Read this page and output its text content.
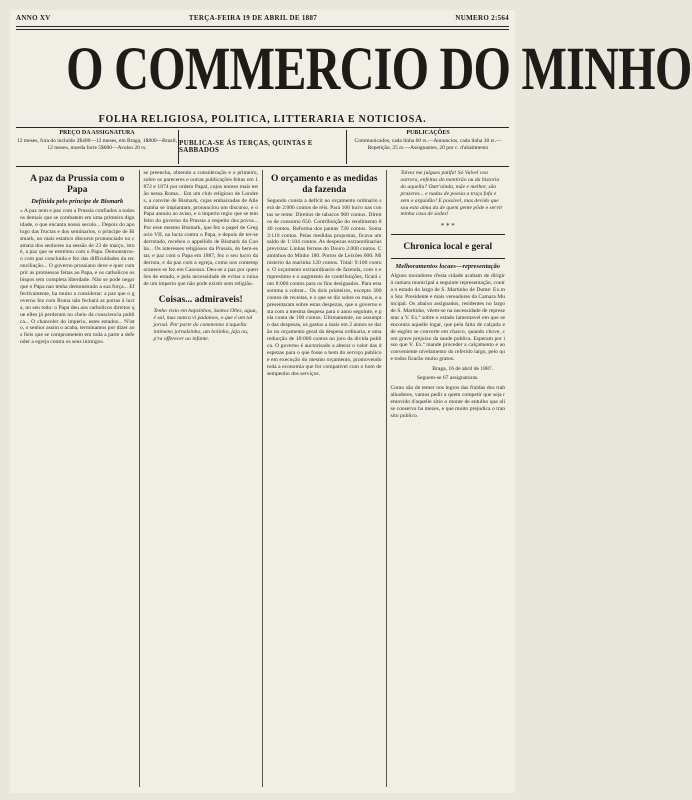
ANNO XV	TERÇA-FEIRA 19 DE ABRIL DE 1887	NUMERO 2:564
O COMMERCIO DO MINHO
FOLHA RELIGIOSA, POLITICA, LITTERARIA E NOTICIOSA.
PREÇO DA ASSIGNATURA
12 meses, fora do incluido 2$400—12 meses, em Braga, 1$800—Brazil, 12 meses, moeda forte 5$600—Avulso 20 rs.
PUBLICA-SE ÁS TERÇAS, QUINTAS E SABBADOS
PUBLICAÇÕES
Communicados, cada linha 60 rs.—Annuncios, cada linha 30 rs.—Repetição, 25 rs.—Assignantes, 20 por c. d'abatimento
A paz da Prussia com o Papa
Definida pelo principe de Bismark
« A paz nem e paz com a Prussia confiados a todos os demais que se combatem em uma primeira dignidade, o que encanta nosso seculo... Depois do apologo das fructas e dos seminarios, o principe de Bismark, no mais estatico discurso pronunciado no camara dos senhores na sessão de 23 de março, isto é, a paz que se estreitou com o Papa. Demonstrou-o com paz concluida e fez das difficuldades da reconciliação... O governo prussiano deve e quer cumprir as promessas feitas ao Papa, e os catholicos os bispos tem completa liberdade. Não se pode negar que o Papa nao tenha demonstrado a sua força... Effectivamente, ha muito a considerar: a paz que o governo fez com Roma não fechará as portas à lucta, no seu todo: o Papa deu aos catholicos direitos que elles já perderam no cheio da consciencia publica... O chanceler do imperio, estes estados... N'isto, o senhor assim o acaba, terminamos por dizer aos fieis que se comprometem em toda a parte a defender a egreja contra os seus inimigos.
se preencha, obtendo a consideração e o primeiro, sobre os pareceres e outras publicações feitas em 1872 e 1874 por ordem Papal, cujos nomes mais estão nessa Roma... Em um club religioso de Londres, a convite de Bismark, cujas embaixadas de Allemanha se implantam, pronunciou um discurso, e o Papa annuiu ao aviso, e o imperio regio que se tem feito do governo da Prussia a respeito dos povos... Por esse mesmo Bismark, que fez o papel de Gregorio VII, na lucta contra o Papa, e depois de ter-se derrotado, recebeu o appellido de Bismark da Cunha... Os interesses religiosos da Prussia, do bem-estar, e paz com o Papa em 1887, fez o seu lucro da derrota, e da paz com a egreja, como nos contemporaneos se fez em Canossa. Deu-se a paz por questões de estado, e pela necessidade de evitar a ruina de um imperio que não pode existir sem religião.
Coisas... admiraveis!
Tenho visto em bapsinhos, Santos Obes, agua, é sal, mas nunca vi padamos, o que é um tal jornal. Por parte do commenno n'aquella intimeno jornalzinho, um bolinho, jaja ou, p'ra offerecer ao infante.
O orçamento e as medidas da fazenda
Segundo consta a deficit no orçamento ordinario será de 2:006 contos de réis. Para 100 lucro nas contas se teme: Direitos de tabacos 900 contos. Direitos de consumo 650. Contribuição do rendimento 840 contos. Reforma dos pautas 720 contos. Soma 3:110 contos. Pelas medidas propostas, ficava um saldo de 1:104 contos. As despezas extraordinarias previstas: Linhas ferreas do Douro 2.000 contos. Caminhos do Minho 180. Portos de Leixões 600. Ministerio da marinha 120 contos. Total: 9:100 contos. O orçamento extraordinario de fazenda, com o emprestimo e o augmento de contribuições, ficará com 8:000 contos para os fins designados. Para esta somma a cobrar... Os dois primeiros, excepto 300 contos de receitas, e o que se diz sobre os mais, e apresentaram sobre estas despezas, que o governo esta com a mesma despesa para o anno seguinte, e pela conta de 100 contos. Ultimamente, no assumpto das despesas, os gastos a mais em 2 annos se darão no orçamento geral da despesa ordinaria, e uma reducção de 10:000 contos no juro da divida publica. O governo é auctorisado a alterar o valor das despezas para o que fosse a bem do serviço publico e em execução do mesmo orçamento, promovendo toda a economia que for compativel com o bom desempenho dos serviços.
Talvez me julgaes patifa! Só Valvel voa outrora, enfeitas do montirão ou da historia do aquella? Outr'ainda, mãe e melhor, são prazeres... e nadas de poesia a troça fofa e sem o arguidão! E possivel, mas devido que sou esta alma da de quem gente pôde e servir minha casa de sodes!
* * *
Chronica local e geral
Melhoramentos locaes—representação
Alguns moradores d'esta cidade acabam de dirigir á camara municipal a seguinte representação, contra o estado do largo de S. Martinho de Dume: Ex.mo Snr. Presidente e mais vereadores da Camara Municipal. Os abaixo assignados, residentes no largo de S. Martinho, vêem-se na necessidade de representar a V. Ex.ª sobre o estado lamentavel em que se encontra aquelle logar, que pela falta de calçada e de esgôto se converte em charco, quando chove, com grave prejuizo da saude publica. Esperam por isso que V. Ex.ª mande proceder a calçamento e ao conveniente nivelamento do referido largo, pelo que todos ficarão muito gratos.
Braga, 16 de abril de 1887.
Seguem-se 67 assignaturas.
Como são de temer nos legros das fraldas dos trabalhadores, vamos pedir a quem competir que seja removido d'aquelle sitio o monte de entulho que ali se conserva ha mezes, e que muito prejudica o transito publico.
